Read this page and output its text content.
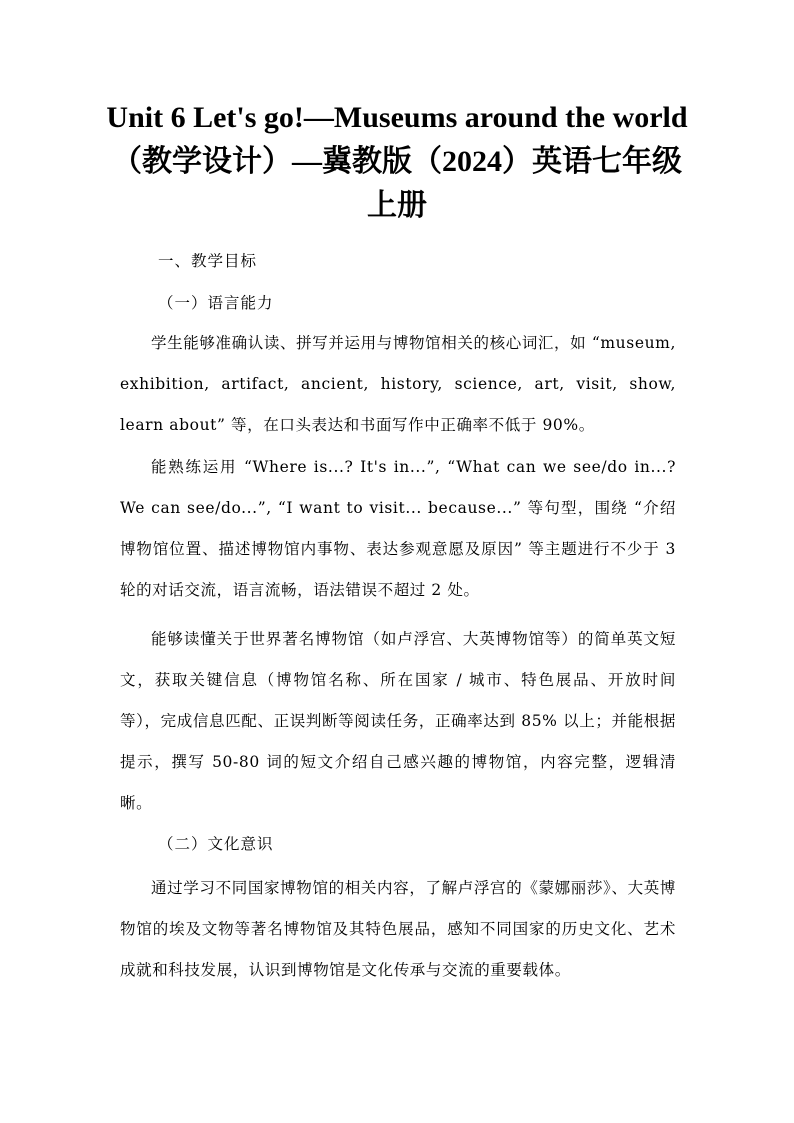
Unit 6 Let's go!—Museums around the world（教学设计）—冀教版（2024）英语七年级上册

一、教学目标

（一）语言能力

学生能够准确认读、拼写并运用与博物馆相关的核心词汇，如 “museum, exhibition, artifact, ancient, history, science, art, visit, show, learn about” 等，在口头表达和书面写作中正确率不低于 90%。

能熟练运用 “Where is...? It's in...”, “What can we see/do in...? We can see/do...”, “I want to visit... because...” 等句型，围绕 “介绍博物馆位置、描述博物馆内事物、表达参观意愿及原因” 等主题进行不少于 3 轮的对话交流，语言流畅，语法错误不超过 2 处。

能够读懂关于世界著名博物馆（如卢浮宫、大英博物馆等）的简单英文短文，获取关键信息（博物馆名称、所在国家 / 城市、特色展品、开放时间等），完成信息匹配、正误判断等阅读任务，正确率达到 85% 以上；并能根据提示，撰写 50-80 词的短文介绍自己感兴趣的博物馆，内容完整，逻辑清晰。

（二）文化意识

通过学习不同国家博物馆的相关内容，了解卢浮宫的《蒙娜丽莎》、大英博物馆的埃及文物等著名博物馆及其特色展品，感知不同国家的历史文化、艺术成就和科技发展，认识到博物馆是文化传承与交流的重要载体。
